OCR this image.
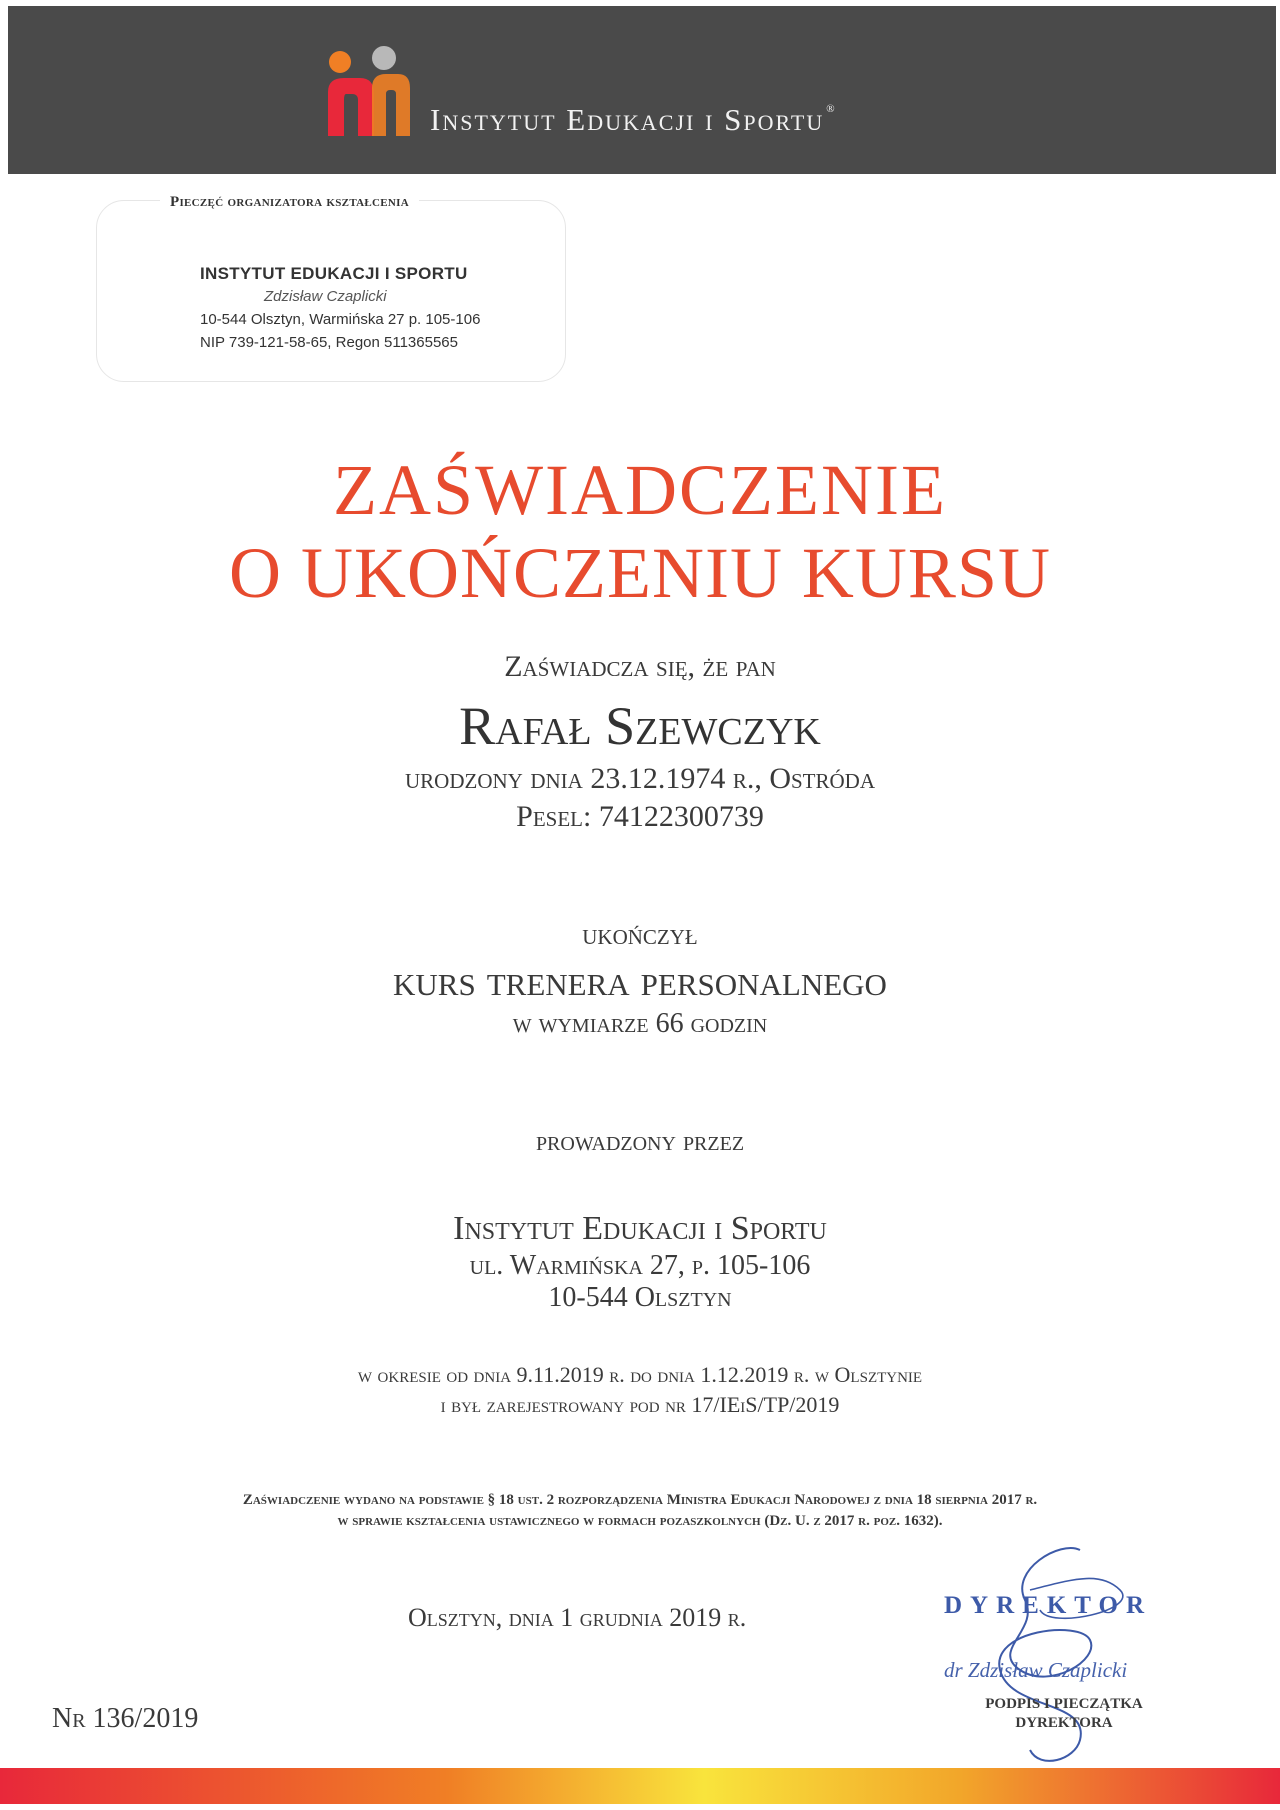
Instytut Edukacji i Sportu ®
Pieczęć organizatora kształcenia
INSTYTUT EDUKACJI I SPORTU
Zdzisław Czaplicki
10-544 Olsztyn, Warmińska 27 p. 105-106
NIP 739-121-58-65, Regon 511365565
ZAŚWIADCZENIE
O UKOŃCZENIU KURSU
Zaświadcza się, że pan
Rafał Szewczyk
urodzony dnia 23.12.1974 r., Ostróda
Pesel: 74122300739
ukończył
kurs trenera personalnego
w wymiarze 66 godzin
prowadzony przez
Instytut Edukacji i Sportu
ul. Warmińska 27, p. 105-106
10-544 Olsztyn
w okresie od dnia 9.11.2019 r. do dnia 1.12.2019 r. w Olsztynie
i był zarejestrowany pod nr 17/IEiS/TP/2019
Zaświadczenie wydano na podstawie § 18 ust. 2 rozporządzenia Ministra Edukacji Narodowej z dnia 18 sierpnia 2017 r.
w sprawie kształcenia ustawicznego w formach pozaszkolnych (Dz. U. z 2017 r. poz. 1632).
Olsztyn, dnia 1 grudnia 2019 r.	DYREKTOR
dr Zdzisław Czaplicki
PODPIS I PIECZĄTKA
DYREKTORA
Nr 136/2019
